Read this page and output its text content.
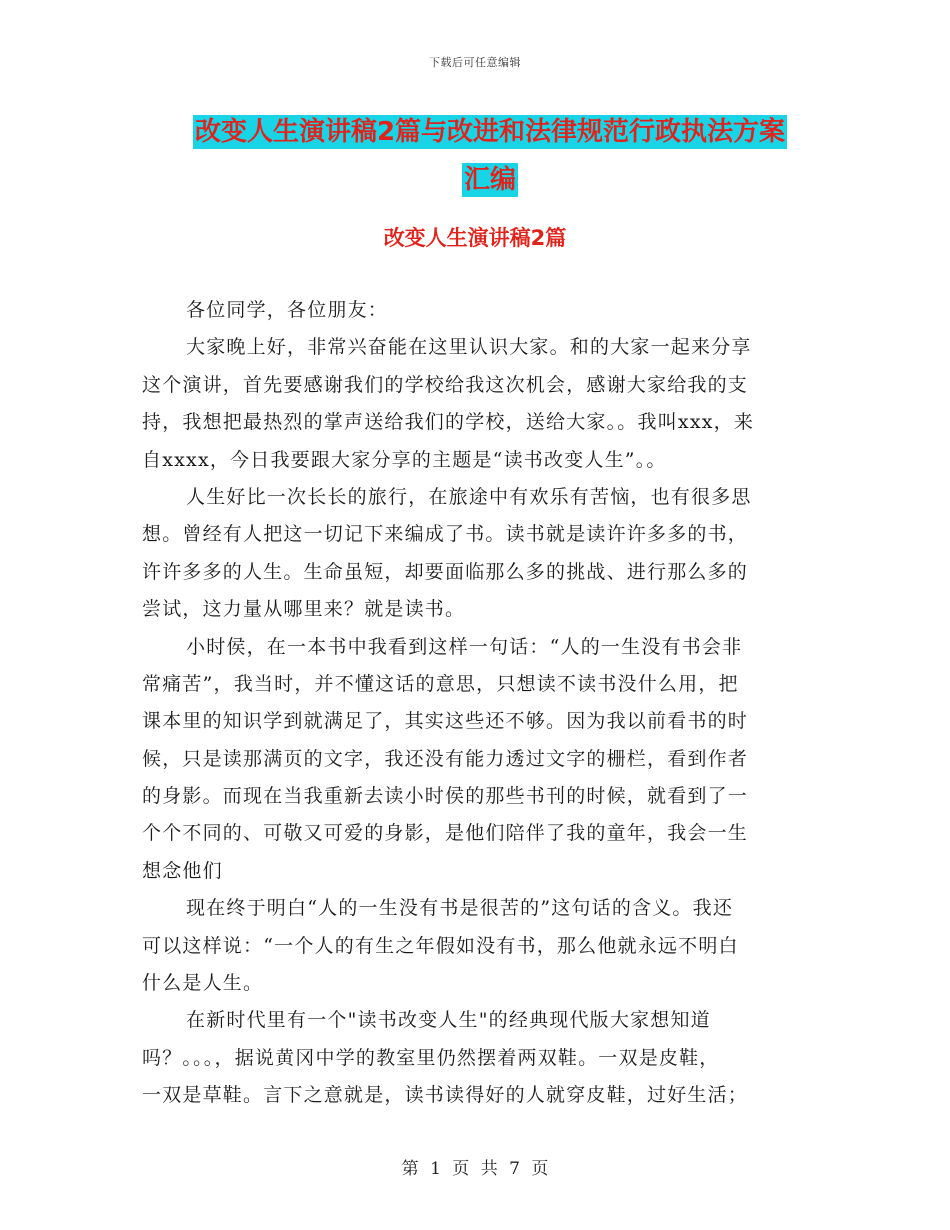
下载后可任意编辑
改变人生演讲稿2篇与改进和法律规范行政执法方案
汇编
改变人生演讲稿2篇
各位同学，各位朋友：
大家晚上好，非常兴奋能在这里认识大家。和的大家一起来分享
这个演讲，首先要感谢我们的学校给我这次机会，感谢大家给我的支
持，我想把最热烈的掌声送给我们的学校，送给大家。。我叫xxx，来
自xxxx，今日我要跟大家分享的主题是“读书改变人生”。。
人生好比一次长长的旅行，在旅途中有欢乐有苦恼，也有很多思
想。曾经有人把这一切记下来编成了书。读书就是读许许多多的书，
许许多多的人生。生命虽短，却要面临那么多的挑战、进行那么多的
尝试，这力量从哪里来？就是读书。
小时侯，在一本书中我看到这样一句话：“人的一生没有书会非
常痛苦”，我当时，并不懂这话的意思，只想读不读书没什么用，把
课本里的知识学到就满足了，其实这些还不够。因为我以前看书的时
候，只是读那满页的文字，我还没有能力透过文字的栅栏，看到作者
的身影。而现在当我重新去读小时侯的那些书刊的时候，就看到了一
个个不同的、可敬又可爱的身影，是他们陪伴了我的童年，我会一生
想念他们
现在终于明白“人的一生没有书是很苦的”这句话的含义。我还
可以这样说：“一个人的有生之年假如没有书，那么他就永远不明白
什么是人生。
在新时代里有一个"读书改变人生"的经典现代版大家想知道
吗？。。。，据说黄冈中学的教室里仍然摆着两双鞋。一双是皮鞋，
一双是草鞋。言下之意就是，读书读得好的人就穿皮鞋，过好生活；
第 1 页 共 7 页
